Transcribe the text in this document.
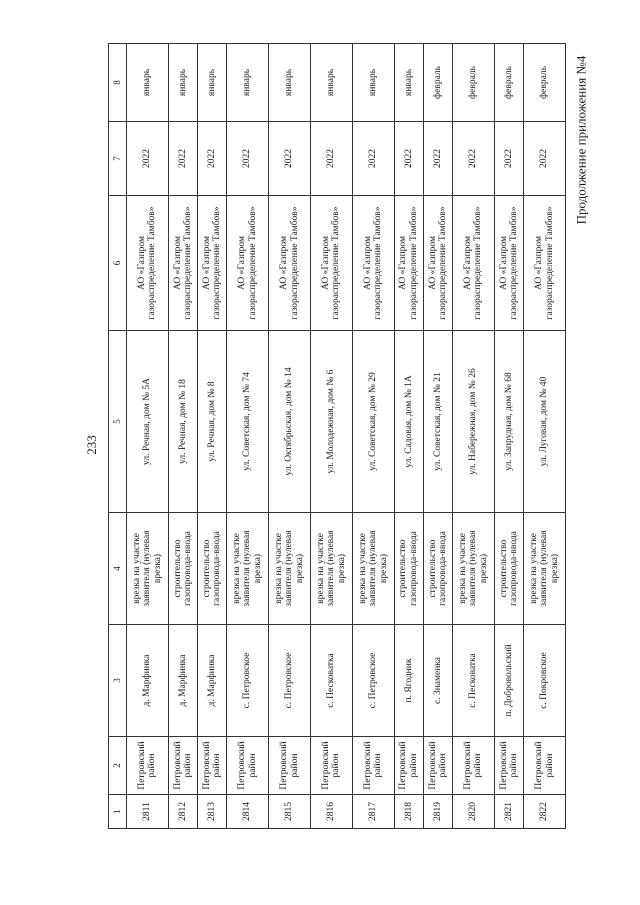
233
Продолжение приложения №4
1	2	3	4	5	6	7	8
2811	Петровский район	д. Марфинка	врезка на участке заявителя (нулевая врезка)	ул. Речная, дом № 5А	АО «Газпром газораспределение Тамбов»	2022	январь
2812	Петровский район	д. Марфинка	строительство газопровода-ввода	ул. Речная, дом № 18	АО «Газпром газораспределение Тамбов»	2022	январь
2813	Петровский район	д. Марфинка	строительство газопровода-ввода	ул. Речная, дом № 8	АО «Газпром газораспределение Тамбов»	2022	январь
2814	Петровский район	с. Петровское	врезка на участке заявителя (нулевая врезка)	ул. Советская, дом № 74	АО «Газпром газораспределение Тамбов»	2022	январь
2815	Петровский район	с. Петровское	врезка на участке заявителя (нулевая врезка)	ул. Октябрьская, дом № 14	АО «Газпром газораспределение Тамбов»	2022	январь
2816	Петровский район	с. Песковатка	врезка на участке заявителя (нулевая врезка)	ул. Молодежная, дом № 6	АО «Газпром газораспределение Тамбов»	2022	январь
2817	Петровский район	с. Петровское	врезка на участке заявителя (нулевая врезка)	ул. Советская, дом № 29	АО «Газпром газораспределение Тамбов»	2022	январь
2818	Петровский район	п. Ягодник	строительство газопровода-ввода	ул. Садовая, дом № 1А	АО «Газпром газораспределение Тамбов»	2022	январь
2819	Петровский район	с. Знаменка	строительство газопровода-ввода	ул. Советская, дом № 21	АО «Газпром газораспределение Тамбов»	2022	февраль
2820	Петровский район	с. Песковатка	врезка на участке заявителя (нулевая врезка)	ул. Набережная, дом № 26	АО «Газпром газораспределение Тамбов»	2022	февраль
2821	Петровский район	п. Добровольский	строительство газопровода-ввода	ул. Запрудная, дом № 68	АО «Газпром газораспределение Тамбов»	2022	февраль
2822	Петровский район	с. Покровское	врезка на участке заявителя (нулевая врезка)	ул. Луговая, дом № 40	АО «Газпром газораспределение Тамбов»	2022	февраль
